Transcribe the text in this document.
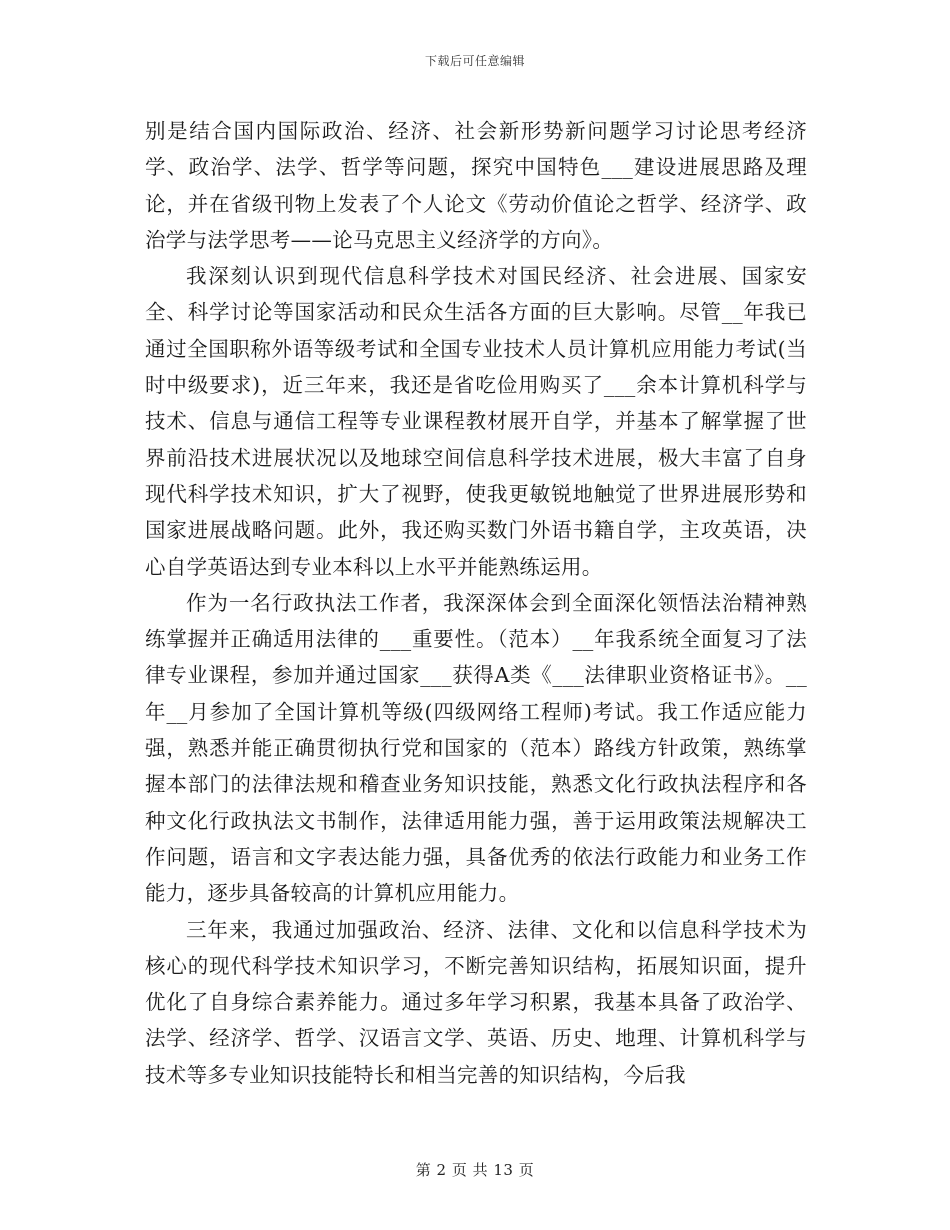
下载后可任意编辑

别是结合国内国际政治、经济、社会新形势新问题学习讨论思考经济学、政治学、法学、哲学等问题，探究中国特色___建设进展思路及理论，并在省级刊物上发表了个人论文《劳动价值论之哲学、经济学、政治学与法学思考——论马克思主义经济学的方向》。

我深刻认识到现代信息科学技术对国民经济、社会进展、国家安全、科学讨论等国家活动和民众生活各方面的巨大影响。尽管__年我已通过全国职称外语等级考试和全国专业技术人员计算机应用能力考试(当时中级要求)，近三年来，我还是省吃俭用购买了___余本计算机科学与技术、信息与通信工程等专业课程教材展开自学，并基本了解掌握了世界前沿技术进展状况以及地球空间信息科学技术进展，极大丰富了自身现代科学技术知识，扩大了视野，使我更敏锐地触觉了世界进展形势和国家进展战略问题。此外，我还购买数门外语书籍自学，主攻英语，决心自学英语达到专业本科以上水平并能熟练运用。

作为一名行政执法工作者，我深深体会到全面深化领悟法治精神熟练掌握并正确适用法律的___重要性。（范本）__年我系统全面复习了法律专业课程，参加并通过国家___获得A类《___法律职业资格证书》。__年__月参加了全国计算机等级(四级网络工程师)考试。我工作适应能力强，熟悉并能正确贯彻执行党和国家的（范本）路线方针政策，熟练掌握本部门的法律法规和稽查业务知识技能，熟悉文化行政执法程序和各种文化行政执法文书制作，法律适用能力强，善于运用政策法规解决工作问题，语言和文字表达能力强，具备优秀的依法行政能力和业务工作能力，逐步具备较高的计算机应用能力。

三年来，我通过加强政治、经济、法律、文化和以信息科学技术为核心的现代科学技术知识学习，不断完善知识结构，拓展知识面，提升优化了自身综合素养能力。通过多年学习积累，我基本具备了政治学、法学、经济学、哲学、汉语言文学、英语、历史、地理、计算机科学与技术等多专业知识技能特长和相当完善的知识结构，今后我

第 2 页 共 13 页
